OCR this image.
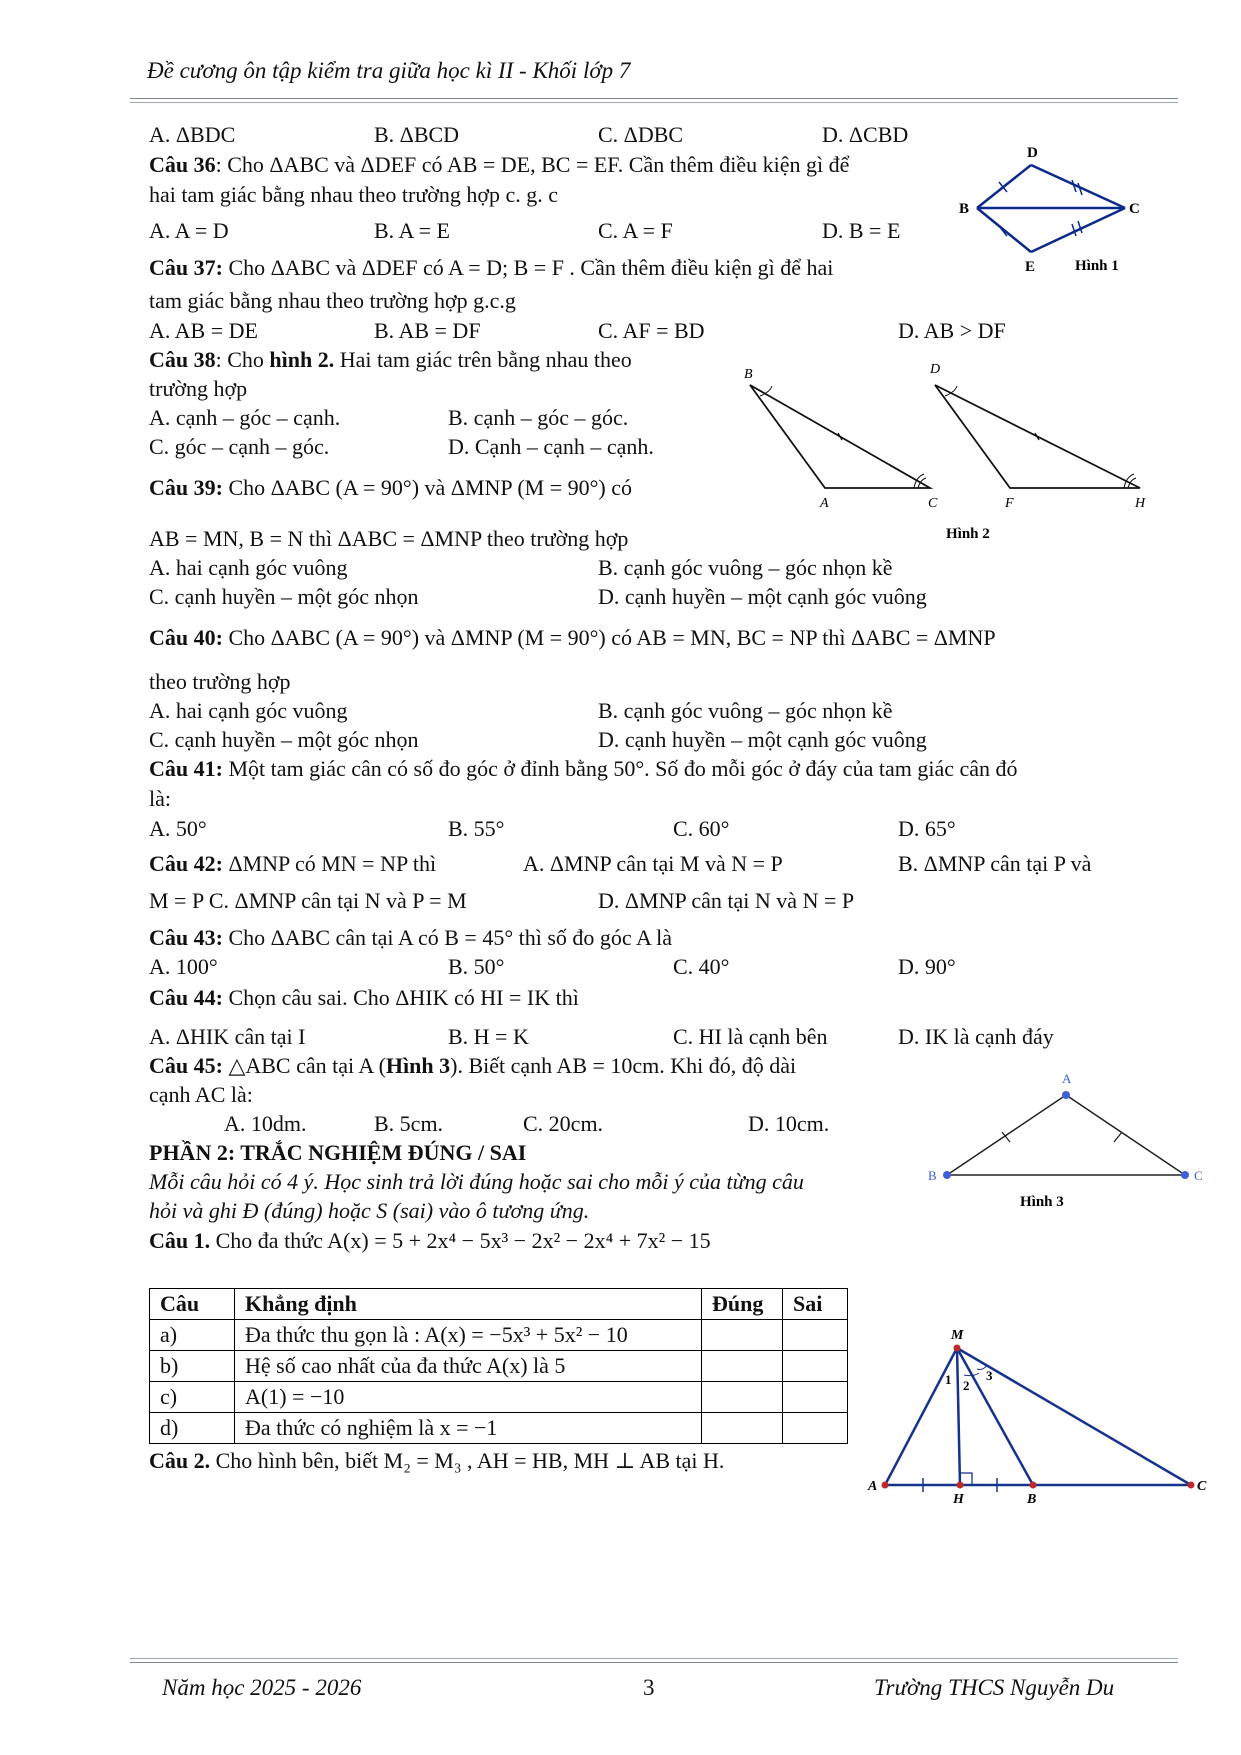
Đề cương ôn tập kiểm tra giữa học kì II - Khối lớp 7
A. ΔBDC	B. ΔBCD	C. ΔDBC	D. ΔCBD
Câu 36: Cho ΔABC và ΔDEF có AB = DE, BC = EF. Cần thêm điều kiện gì để
hai tam giác bằng nhau theo trường hợp c. g. c
A. A = D	B. A = E	C. A = F	D. B = E
D
B	C
E	Hình 1
Câu 37: Cho ΔABC và ΔDEF có A = D; B = F . Cần thêm điều kiện gì để hai
tam giác bằng nhau theo trường hợp g.c.g
A. AB = DE	B. AB = DF	C. AF = BD	D. AB > DF
Câu 38: Cho hình 2. Hai tam giác trên bằng nhau theo
trường hợp
A. cạnh – góc – cạnh.	B. cạnh – góc – góc.
C. góc – cạnh – góc.	D. Cạnh – cạnh – cạnh.
B
A	C
D
F	H
Hình 2
Câu 39: Cho ΔABC (A = 90°) và ΔMNP (M = 90°) có
AB = MN, B = N thì ΔABC = ΔMNP theo trường hợp
A. hai cạnh góc vuông	B. cạnh góc vuông – góc nhọn kề
C. cạnh huyền – một góc nhọn	D. cạnh huyền – một cạnh góc vuông
Câu 40: Cho ΔABC (A = 90°) và ΔMNP (M = 90°) có AB = MN, BC = NP thì ΔABC = ΔMNP
theo trường hợp
A. hai cạnh góc vuông	B. cạnh góc vuông – góc nhọn kề
C. cạnh huyền – một góc nhọn	D. cạnh huyền – một cạnh góc vuông
Câu 41: Một tam giác cân có số đo góc ở đỉnh bằng 50°. Số đo mỗi góc ở đáy của tam giác cân đó
là:
A. 50°	B. 55°	C. 60°	D. 65°
Câu 42: ΔMNP có MN = NP thì	A. ΔMNP cân tại M và N = P	B. ΔMNP cân tại P và
M = P C. ΔMNP cân tại N và P = M	D. ΔMNP cân tại N và N = P
Câu 43: Cho ΔABC cân tại A có B = 45° thì số đo góc A là
A. 100°	B. 50°	C. 40°	D. 90°
Câu 44: Chọn câu sai. Cho ΔHIK có HI = IK thì
A. ΔHIK cân tại I	B. H = K	C. HI là cạnh bên	D. IK là cạnh đáy
Câu 45: △ABC cân tại A (Hình 3). Biết cạnh AB = 10cm. Khi đó, độ dài
cạnh AC là:
A. 10dm.	B. 5cm.	C. 20cm.	D. 10cm.
A
B	C
Hình 3
PHẦN 2: TRẮC NGHIỆM ĐÚNG / SAI
Mỗi câu hỏi có 4 ý. Học sinh trả lời đúng hoặc sai cho mỗi ý của từng câu
hỏi và ghi Đ (đúng) hoặc S (sai) vào ô tương ứng.
Câu 1. Cho đa thức A(x) = 5 + 2x⁴ − 5x³ − 2x² − 2x⁴ + 7x² − 15
Câu	Khẳng định	Đúng	Sai
a)	Đa thức thu gọn là : A(x) = −5x³ + 5x² − 10		
b)	Hệ số cao nhất của đa thức A(x) là 5		
c)	A(1) = −10		
d)	Đa thức có nghiệm là x = −1		
Câu 2. Cho hình bên, biết M₂ = M₃ , AH = HB, MH ⊥ AB tại H.
M
A
H	B
C
1 2
3
Năm học 2025 - 2026	3	Trường THCS Nguyễn Du
